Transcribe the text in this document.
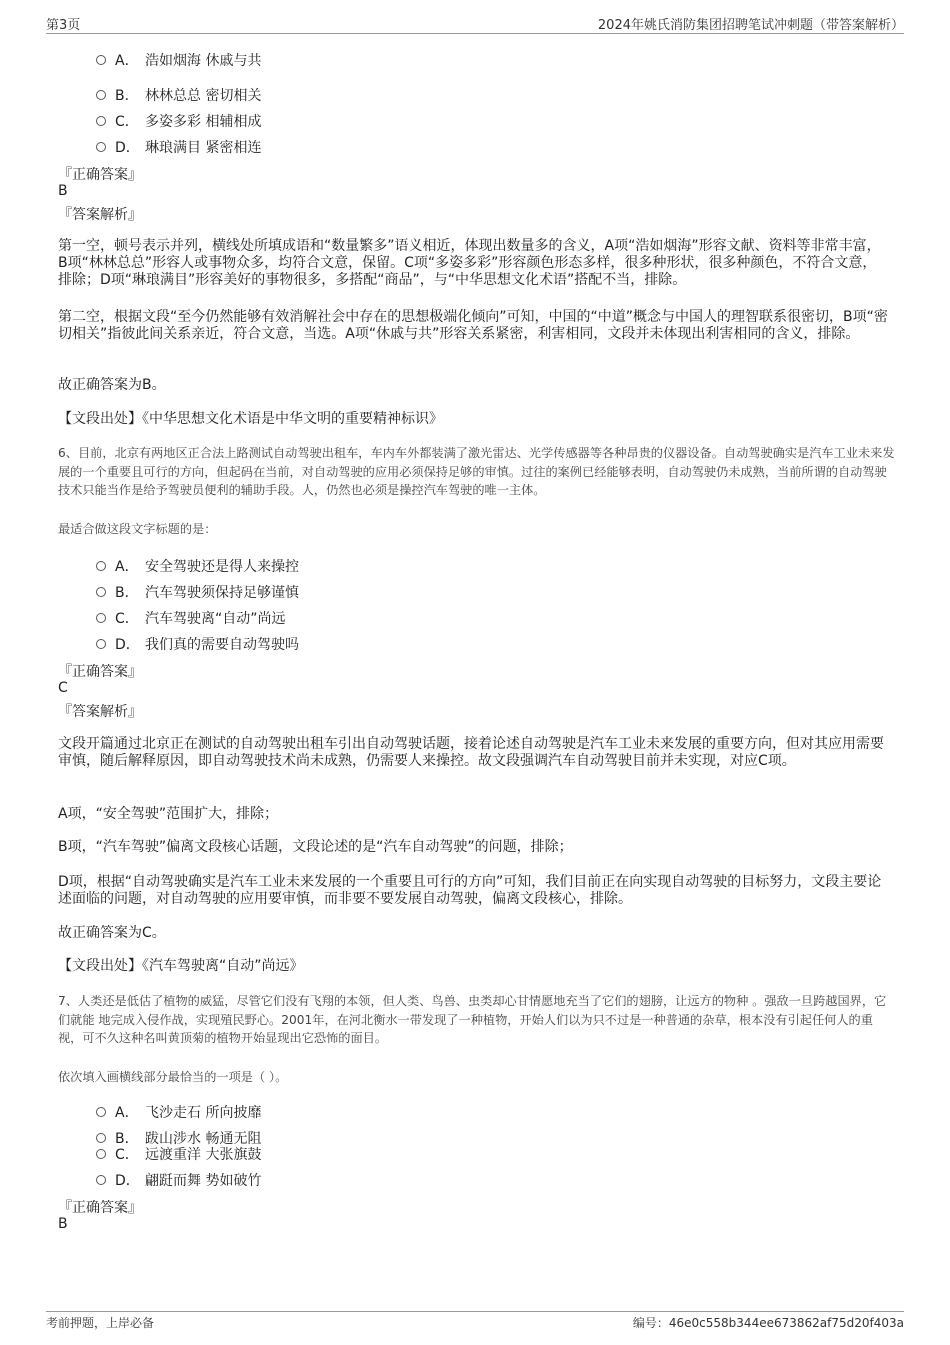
第3页	2024年姚氏消防集团招聘笔试冲刺题（带答案解析）
A． 浩如烟海 休戚与共
B． 林林总总 密切相关
C． 多姿多彩 相辅相成
D． 琳琅满目 紧密相连
『正确答案』
B
『答案解析』
第一空，顿号表示并列，横线处所填成语和“数量繁多”语义相近，体现出数量多的含义，A项“浩如烟海”形容文献、资料等非常丰富，B项“林林总总”形容人或事物众多，均符合文意，保留。C项“多姿多彩”形容颜色形态多样，很多种形状，很多种颜色，不符合文意，排除；D项“琳琅满目”形容美好的事物很多，多搭配“商品”，与“中华思想文化术语”搭配不当，排除。
第二空，根据文段“至今仍然能够有效消解社会中存在的思想极端化倾向”可知，中国的“中道”概念与中国人的理智联系很密切，B项“密切相关”指彼此间关系亲近，符合文意，当选。A项“休戚与共”形容关系紧密，利害相同，文段并未体现出利害相同的含义，排除。
故正确答案为B。
【文段出处】《中华思想文化术语是中华文明的重要精神标识》
6、目前，北京有两地区正合法上路测试自动驾驶出租车，车内车外都装满了激光雷达、光学传感器等各种昂贵的仪器设备。自动驾驶确实是汽车工业未来发展的一个重要且可行的方向，但起码在当前，对自动驾驶的应用必须保持足够的审慎。过往的案例已经能够表明，自动驾驶仍未成熟，当前所谓的自动驾驶技术只能当作是给予驾驶员便利的辅助手段。人，仍然也必须是操控汽车驾驶的唯一主体。
最适合做这段文字标题的是：
A． 安全驾驶还是得人来操控
B． 汽车驾驶须保持足够谨慎
C． 汽车驾驶离“自动”尚远
D． 我们真的需要自动驾驶吗
『正确答案』
C
『答案解析』
文段开篇通过北京正在测试的自动驾驶出租车引出自动驾驶话题，接着论述自动驾驶是汽车工业未来发展的重要方向，但对其应用需要审慎，随后解释原因，即自动驾驶技术尚未成熟，仍需要人来操控。故文段强调汽车自动驾驶目前并未实现，对应C项。
A项，“安全驾驶”范围扩大，排除；
B项，“汽车驾驶”偏离文段核心话题，文段论述的是“汽车自动驾驶”的问题，排除；
D项，根据“自动驾驶确实是汽车工业未来发展的一个重要且可行的方向”可知，我们目前正在向实现自动驾驶的目标努力，文段主要论述面临的问题，对自动驾驶的应用要审慎，而非要不要发展自动驾驶，偏离文段核心，排除。
故正确答案为C。
【文段出处】《汽车驾驶离“自动”尚远》
7、人类还是低估了植物的威猛，尽管它们没有飞翔的本领，但人类、鸟兽、虫类却心甘情愿地充当了它们的翅膀，让远方的物种 。强敌一旦跨越国界，它们就能 地完成入侵作战，实现殖民野心。2001年，在河北衡水一带发现了一种植物，开始人们以为只不过是一种普通的杂草，根本没有引起任何人的重视，可不久这种名叫黄顶菊的植物开始显现出它恐怖的面目。
依次填入画横线部分最恰当的一项是（ ）。
A． 飞沙走石 所向披靡
B． 跋山涉水 畅通无阻
C． 远渡重洋 大张旗鼓
D． 翩跹而舞 势如破竹
『正确答案』
B
考前押题，上岸必备	编号：46e0c558b344ee673862af75d20f403a
